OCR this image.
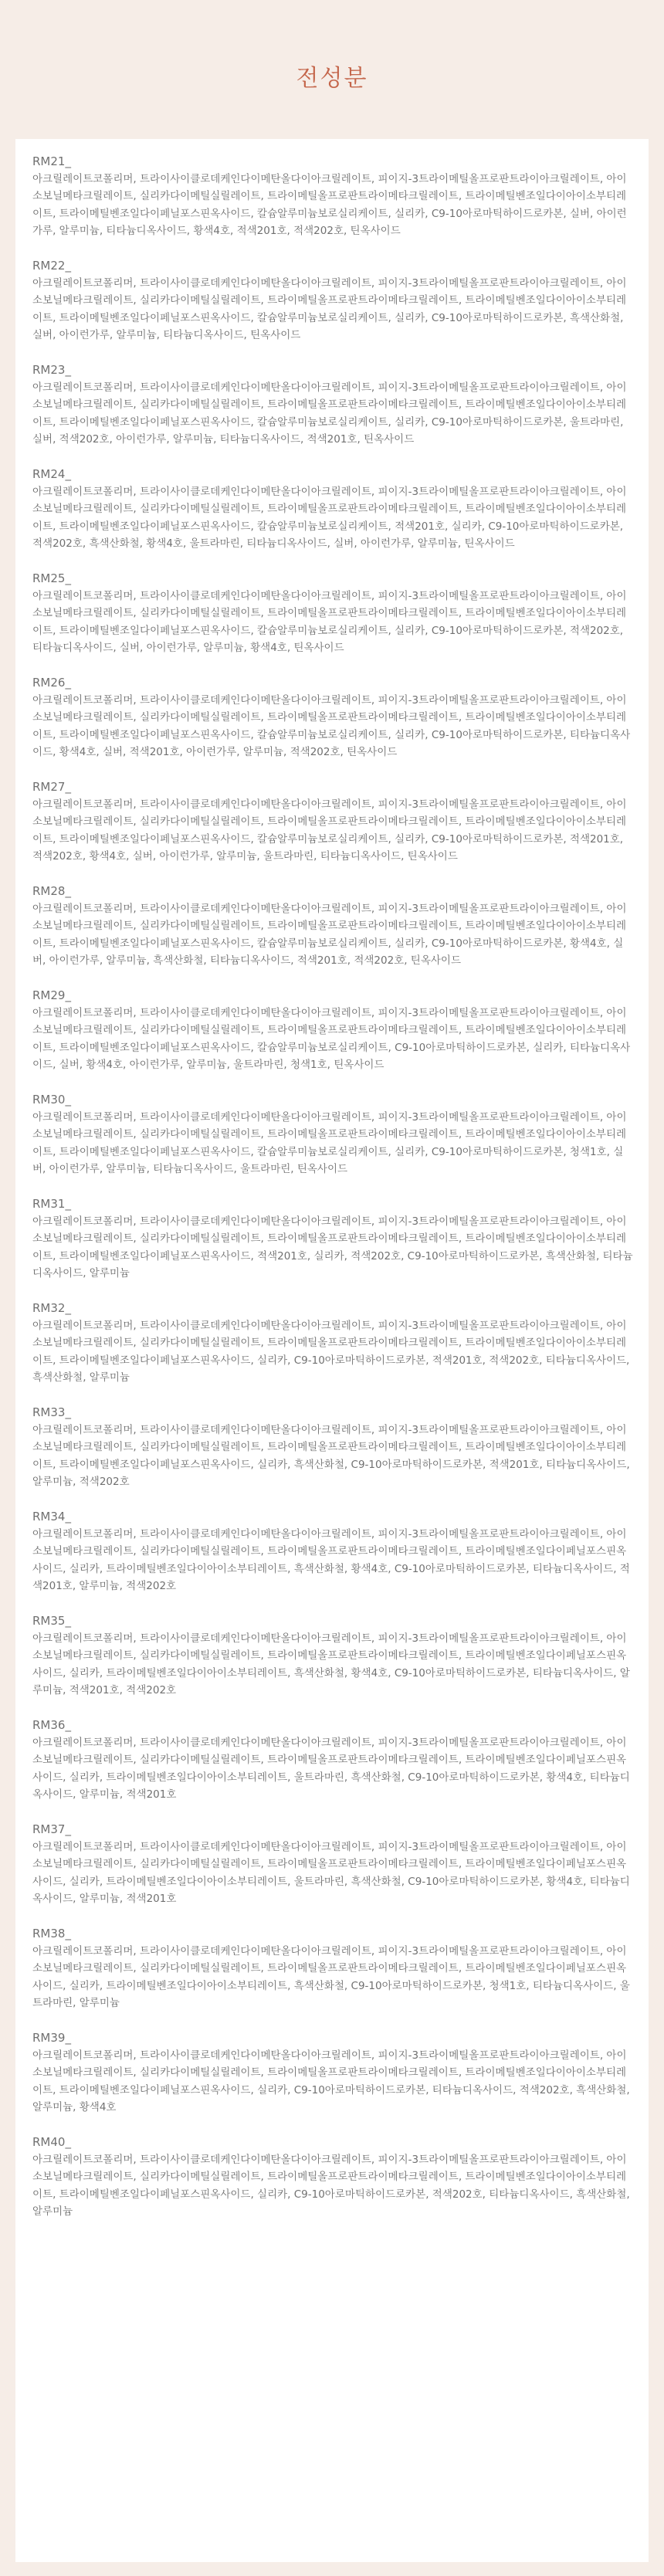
전성분
RM21_
아크릴레이트코폴리머, 트라이사이클로데케인다이메탄올다이아크릴레이트, 피이지-3트라이메틸올프로판트라이아크릴레이트, 아이소보닐메타크릴레이트, 실리카다이메틸실릴레이트, 트라이메틸올프로판트라이메타크릴레이트, 트라이메틸벤조일다이아이소부티레이트, 트라이메틸벤조일다이페닐포스핀옥사이드, 칼슘알루미늄보로실리케이트, 실리카, C9-10아로마틱하이드로카본, 실버, 아이런가루, 알루미늄, 티타늄디옥사이드, 황색4호, 적색201호, 적색202호, 틴옥사이드
RM22_
아크릴레이트코폴리머, 트라이사이클로데케인다이메탄올다이아크릴레이트, 피이지-3트라이메틸올프로판트라이아크릴레이트, 아이소보닐메타크릴레이트, 실리카다이메틸실릴레이트, 트라이메틸올프로판트라이메타크릴레이트, 트라이메틸벤조일다이아이소부티레이트, 트라이메틸벤조일다이페닐포스핀옥사이드, 칼슘알루미늄보로실리케이트, 실리카, C9-10아로마틱하이드로카본, 흑색산화철, 실버, 아이런가루, 알루미늄, 티타늄디옥사이드, 틴옥사이드
RM23_
아크릴레이트코폴리머, 트라이사이클로데케인다이메탄올다이아크릴레이트, 피이지-3트라이메틸올프로판트라이아크릴레이트, 아이소보닐메타크릴레이트, 실리카다이메틸실릴레이트, 트라이메틸올프로판트라이메타크릴레이트, 트라이메틸벤조일다이아이소부티레이트, 트라이메틸벤조일다이페닐포스핀옥사이드, 칼슘알루미늄보로실리케이트, 실리카, C9-10아로마틱하이드로카본, 울트라마린, 실버, 적색202호, 아이런가루, 알루미늄, 티타늄디옥사이드, 적색201호, 틴옥사이드
RM24_
아크릴레이트코폴리머, 트라이사이클로데케인다이메탄올다이아크릴레이트, 피이지-3트라이메틸올프로판트라이아크릴레이트, 아이소보닐메타크릴레이트, 실리카다이메틸실릴레이트, 트라이메틸올프로판트라이메타크릴레이트, 트라이메틸벤조일다이아이소부티레이트, 트라이메틸벤조일다이페닐포스핀옥사이드, 칼슘알루미늄보로실리케이트, 적색201호, 실리카, C9-10아로마틱하이드로카본, 적색202호, 흑색산화철, 황색4호, 울트라마린, 티타늄디옥사이드, 실버, 아이런가루, 알루미늄, 틴옥사이드
RM25_
아크릴레이트코폴리머, 트라이사이클로데케인다이메탄올다이아크릴레이트, 피이지-3트라이메틸올프로판트라이아크릴레이트, 아이소보닐메타크릴레이트, 실리카다이메틸실릴레이트, 트라이메틸올프로판트라이메타크릴레이트, 트라이메틸벤조일다이아이소부티레이트, 트라이메틸벤조일다이페닐포스핀옥사이드, 칼슘알루미늄보로실리케이트, 실리카, C9-10아로마틱하이드로카본, 적색202호, 티타늄디옥사이드, 실버, 아이런가루, 알루미늄, 황색4호, 틴옥사이드
RM26_
아크릴레이트코폴리머, 트라이사이클로데케인다이메탄올다이아크릴레이트, 피이지-3트라이메틸올프로판트라이아크릴레이트, 아이소보닐메타크릴레이트, 실리카다이메틸실릴레이트, 트라이메틸올프로판트라이메타크릴레이트, 트라이메틸벤조일다이아이소부티레이트, 트라이메틸벤조일다이페닐포스핀옥사이드, 칼슘알루미늄보로실리케이트, 실리카, C9-10아로마틱하이드로카본, 티타늄디옥사이드, 황색4호, 실버, 적색201호, 아이런가루, 알루미늄, 적색202호, 틴옥사이드
RM27_
아크릴레이트코폴리머, 트라이사이클로데케인다이메탄올다이아크릴레이트, 피이지-3트라이메틸올프로판트라이아크릴레이트, 아이소보닐메타크릴레이트, 실리카다이메틸실릴레이트, 트라이메틸올프로판트라이메타크릴레이트, 트라이메틸벤조일다이아이소부티레이트, 트라이메틸벤조일다이페닐포스핀옥사이드, 칼슘알루미늄보로실리케이트, 실리카, C9-10아로마틱하이드로카본, 적색201호, 적색202호, 황색4호, 실버, 아이런가루, 알루미늄, 울트라마린, 티타늄디옥사이드, 틴옥사이드
RM28_
아크릴레이트코폴리머, 트라이사이클로데케인다이메탄올다이아크릴레이트, 피이지-3트라이메틸올프로판트라이아크릴레이트, 아이소보닐메타크릴레이트, 실리카다이메틸실릴레이트, 트라이메틸올프로판트라이메타크릴레이트, 트라이메틸벤조일다이아이소부티레이트, 트라이메틸벤조일다이페닐포스핀옥사이드, 칼슘알루미늄보로실리케이트, 실리카, C9-10아로마틱하이드로카본, 황색4호, 실버, 아이런가루, 알루미늄, 흑색산화철, 티타늄디옥사이드, 적색201호, 적색202호, 틴옥사이드
RM29_
아크릴레이트코폴리머, 트라이사이클로데케인다이메탄올다이아크릴레이트, 피이지-3트라이메틸올프로판트라이아크릴레이트, 아이소보닐메타크릴레이트, 실리카다이메틸실릴레이트, 트라이메틸올프로판트라이메타크릴레이트, 트라이메틸벤조일다이아이소부티레이트, 트라이메틸벤조일다이페닐포스핀옥사이드, 칼슘알루미늄보로실리케이트, C9-10아로마틱하이드로카본, 실리카, 티타늄디옥사이드, 실버, 황색4호, 아이런가루, 알루미늄, 울트라마린, 청색1호, 틴옥사이드
RM30_
아크릴레이트코폴리머, 트라이사이클로데케인다이메탄올다이아크릴레이트, 피이지-3트라이메틸올프로판트라이아크릴레이트, 아이소보닐메타크릴레이트, 실리카다이메틸실릴레이트, 트라이메틸올프로판트라이메타크릴레이트, 트라이메틸벤조일다이아이소부티레이트, 트라이메틸벤조일다이페닐포스핀옥사이드, 칼슘알루미늄보로실리케이트, 실리카, C9-10아로마틱하이드로카본, 청색1호, 실버, 아이런가루, 알루미늄, 티타늄디옥사이드, 울트라마린, 틴옥사이드
RM31_
아크릴레이트코폴리머, 트라이사이클로데케인다이메탄올다이아크릴레이트, 피이지-3트라이메틸올프로판트라이아크릴레이트, 아이소보닐메타크릴레이트, 실리카다이메틸실릴레이트, 트라이메틸올프로판트라이메타크릴레이트, 트라이메틸벤조일다이아이소부티레이트, 트라이메틸벤조일다이페닐포스핀옥사이드, 적색201호, 실리카, 적색202호, C9-10아로마틱하이드로카본, 흑색산화철, 티타늄디옥사이드, 알루미늄
RM32_
아크릴레이트코폴리머, 트라이사이클로데케인다이메탄올다이아크릴레이트, 피이지-3트라이메틸올프로판트라이아크릴레이트, 아이소보닐메타크릴레이트, 실리카다이메틸실릴레이트, 트라이메틸올프로판트라이메타크릴레이트, 트라이메틸벤조일다이아이소부티레이트, 트라이메틸벤조일다이페닐포스핀옥사이드, 실리카, C9-10아로마틱하이드로카본, 적색201호, 적색202호, 티타늄디옥사이드, 흑색산화철, 알루미늄
RM33_
아크릴레이트코폴리머, 트라이사이클로데케인다이메탄올다이아크릴레이트, 피이지-3트라이메틸올프로판트라이아크릴레이트, 아이소보닐메타크릴레이트, 실리카다이메틸실릴레이트, 트라이메틸올프로판트라이메타크릴레이트, 트라이메틸벤조일다이아이소부티레이트, 트라이메틸벤조일다이페닐포스핀옥사이드, 실리카, 흑색산화철, C9-10아로마틱하이드로카본, 적색201호, 티타늄디옥사이드, 알루미늄, 적색202호
RM34_
아크릴레이트코폴리머, 트라이사이클로데케인다이메탄올다이아크릴레이트, 피이지-3트라이메틸올프로판트라이아크릴레이트, 아이소보닐메타크릴레이트, 실리카다이메틸실릴레이트, 트라이메틸올프로판트라이메타크릴레이트, 트라이메틸벤조일다이페닐포스핀옥사이드, 실리카, 트라이메틸벤조일다이아이소부티레이트, 흑색산화철, 황색4호, C9-10아로마틱하이드로카본, 티타늄디옥사이드, 적색201호, 알루미늄, 적색202호
RM35_
아크릴레이트코폴리머, 트라이사이클로데케인다이메탄올다이아크릴레이트, 피이지-3트라이메틸올프로판트라이아크릴레이트, 아이소보닐메타크릴레이트, 실리카다이메틸실릴레이트, 트라이메틸올프로판트라이메타크릴레이트, 트라이메틸벤조일다이페닐포스핀옥사이드, 실리카, 트라이메틸벤조일다이아이소부티레이트, 흑색산화철, 황색4호, C9-10아로마틱하이드로카본, 티타늄디옥사이드, 알루미늄, 적색201호, 적색202호
RM36_
아크릴레이트코폴리머, 트라이사이클로데케인다이메탄올다이아크릴레이트, 피이지-3트라이메틸올프로판트라이아크릴레이트, 아이소보닐메타크릴레이트, 실리카다이메틸실릴레이트, 트라이메틸올프로판트라이메타크릴레이트, 트라이메틸벤조일다이페닐포스핀옥사이드, 실리카, 트라이메틸벤조일다이아이소부티레이트, 울트라마린, 흑색산화철, C9-10아로마틱하이드로카본, 황색4호, 티타늄디옥사이드, 알루미늄, 적색201호
RM37_
아크릴레이트코폴리머, 트라이사이클로데케인다이메탄올다이아크릴레이트, 피이지-3트라이메틸올프로판트라이아크릴레이트, 아이소보닐메타크릴레이트, 실리카다이메틸실릴레이트, 트라이메틸올프로판트라이메타크릴레이트, 트라이메틸벤조일다이페닐포스핀옥사이드, 실리카, 트라이메틸벤조일다이아이소부티레이트, 울트라마린, 흑색산화철, C9-10아로마틱하이드로카본, 황색4호, 티타늄디옥사이드, 알루미늄, 적색201호
RM38_
아크릴레이트코폴리머, 트라이사이클로데케인다이메탄올다이아크릴레이트, 피이지-3트라이메틸올프로판트라이아크릴레이트, 아이소보닐메타크릴레이트, 실리카다이메틸실릴레이트, 트라이메틸올프로판트라이메타크릴레이트, 트라이메틸벤조일다이페닐포스핀옥사이드, 실리카, 트라이메틸벤조일다이아이소부티레이트, 흑색산화철, C9-10아로마틱하이드로카본, 청색1호, 티타늄디옥사이드, 울트라마린, 알루미늄
RM39_
아크릴레이트코폴리머, 트라이사이클로데케인다이메탄올다이아크릴레이트, 피이지-3트라이메틸올프로판트라이아크릴레이트, 아이소보닐메타크릴레이트, 실리카다이메틸실릴레이트, 트라이메틸올프로판트라이메타크릴레이트, 트라이메틸벤조일다이아이소부티레이트, 트라이메틸벤조일다이페닐포스핀옥사이드, 실리카, C9-10아로마틱하이드로카본, 티타늄디옥사이드, 적색202호, 흑색산화철, 알루미늄, 황색4호
RM40_
아크릴레이트코폴리머, 트라이사이클로데케인다이메탄올다이아크릴레이트, 피이지-3트라이메틸올프로판트라이아크릴레이트, 아이소보닐메타크릴레이트, 실리카다이메틸실릴레이트, 트라이메틸올프로판트라이메타크릴레이트, 트라이메틸벤조일다이아이소부티레이트, 트라이메틸벤조일다이페닐포스핀옥사이드, 실리카, C9-10아로마틱하이드로카본, 적색202호, 티타늄디옥사이드, 흑색산화철, 알루미늄
